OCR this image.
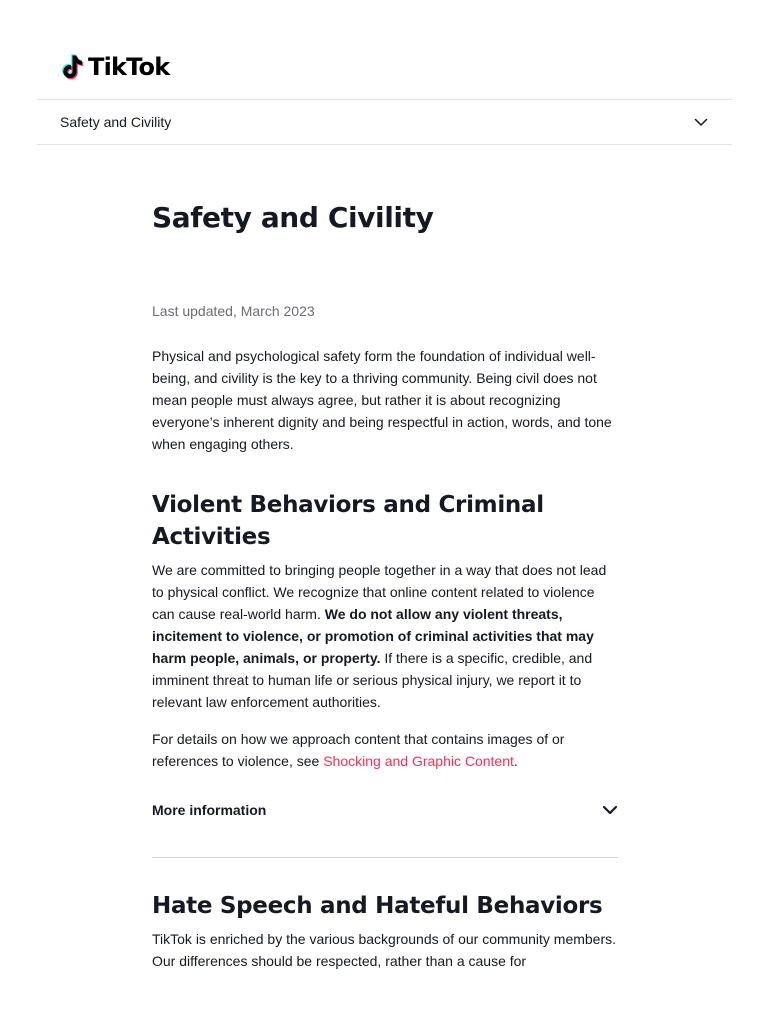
TikTok
Safety and Civility
Safety and Civility
Last updated, March 2023

Physical and psychological safety form the foundation of individual well-being, and civility is the key to a thriving community. Being civil does not mean people must always agree, but rather it is about recognizing everyone’s inherent dignity and being respectful in action, words, and tone when engaging others.

Violent Behaviors and Criminal Activities

We are committed to bringing people together in a way that does not lead to physical conflict. We recognize that online content related to violence can cause real-world harm. We do not allow any violent threats, incitement to violence, or promotion of criminal activities that may harm people, animals, or property. If there is a specific, credible, and imminent threat to human life or serious physical injury, we report it to relevant law enforcement authorities.

For details on how we approach content that contains images of or references to violence, see Shocking and Graphic Content.

More information
Hate Speech and Hateful Behaviors

TikTok is enriched by the various backgrounds of our community members. Our differences should be respected, rather than a cause for
